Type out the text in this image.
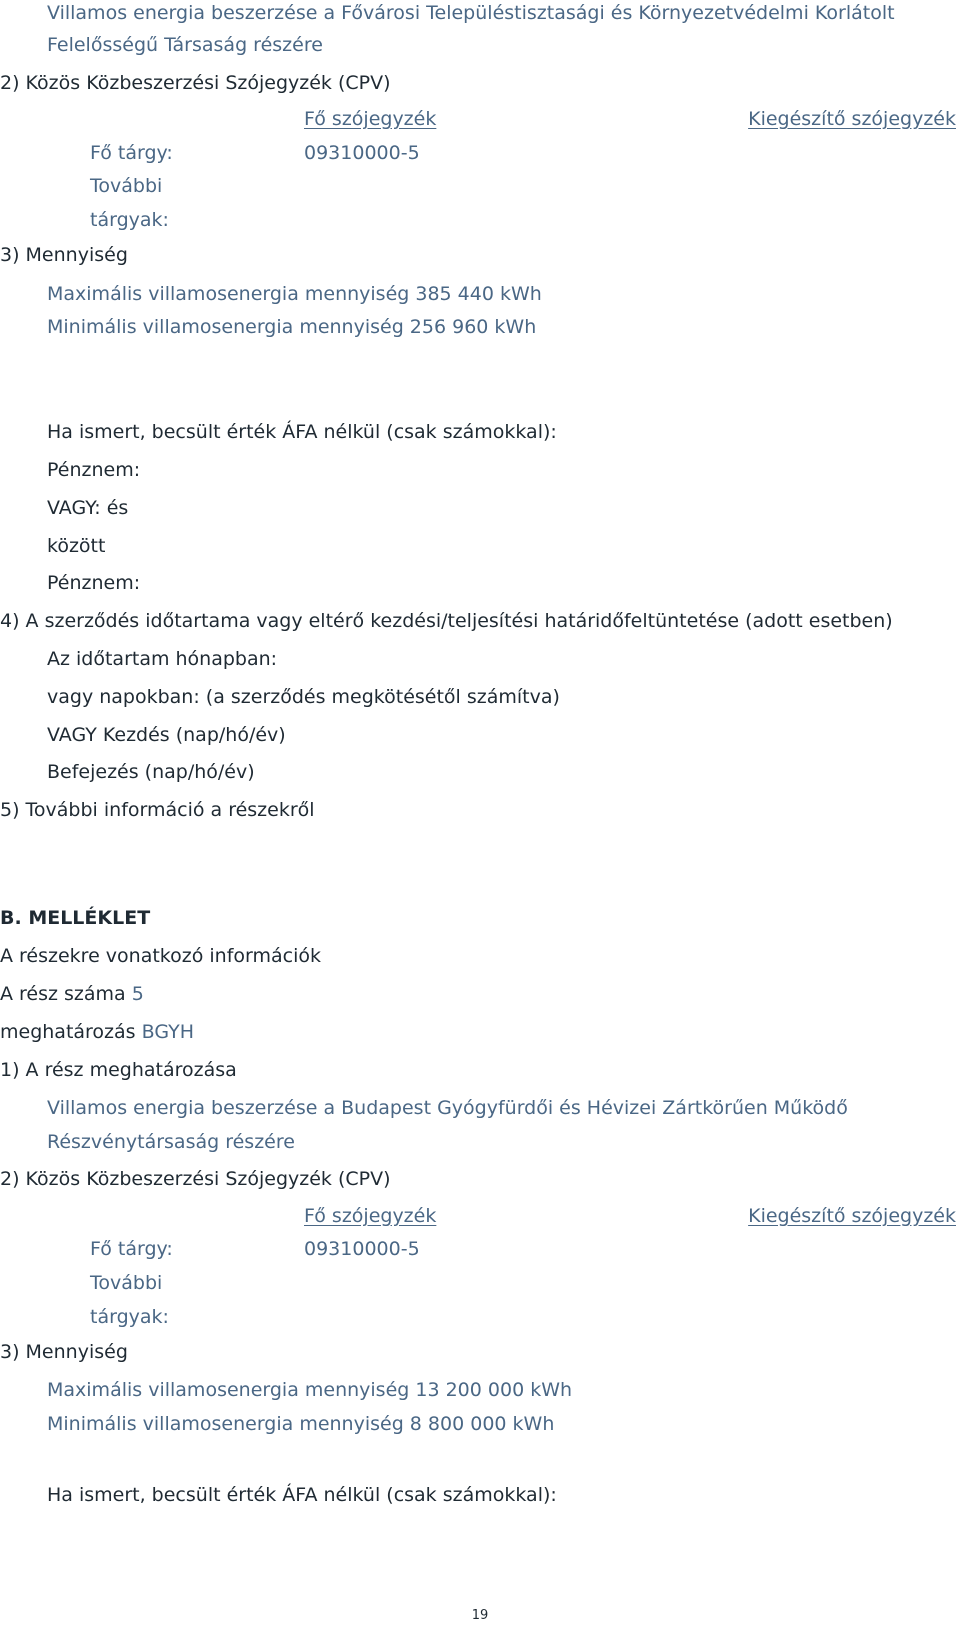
Villamos energia beszerzése a Fővárosi Településtisztasági és Környezetvédelmi Korlátolt
Felelősségű Társaság részére
2) Közös Közbeszerzési Szójegyzék (CPV)
Fő szójegyzék	Kiegészítő szójegyzék
Fő tárgy:	09310000-5
További
tárgyak:
3) Mennyiség
Maximális villamosenergia mennyiség 385 440 kWh
Minimális villamosenergia mennyiség 256 960 kWh
Ha ismert, becsült érték ÁFA nélkül (csak számokkal):
Pénznem:
VAGY: és
között
Pénznem:
4) A szerződés időtartama vagy eltérő kezdési/teljesítési határidőfeltüntetése (adott esetben)
Az időtartam hónapban:
vagy napokban: (a szerződés megkötésétől számítva)
VAGY Kezdés (nap/hó/év)
Befejezés (nap/hó/év)
5) További információ a részekről
B. MELLÉKLET
A részekre vonatkozó információk
A rész száma 5
meghatározás BGYH
1) A rész meghatározása
Villamos energia beszerzése a Budapest Gyógyfürdői és Hévizei Zártkörűen Működő
Részvénytársaság részére
2) Közös Közbeszerzési Szójegyzék (CPV)
Fő szójegyzék	Kiegészítő szójegyzék
Fő tárgy:	09310000-5
További
tárgyak:
3) Mennyiség
Maximális villamosenergia mennyiség 13 200 000 kWh
Minimális villamosenergia mennyiség 8 800 000 kWh
Ha ismert, becsült érték ÁFA nélkül (csak számokkal):
19
